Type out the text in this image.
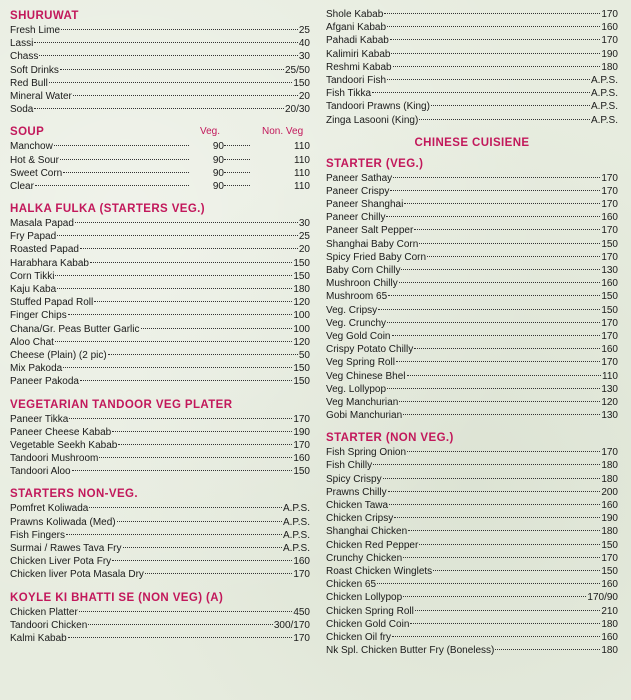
SHURUWAT
Fresh Lime	25
Lassi	40
Chass	30
Soft Drinks	25/50
Red Bull	150
Mineral Water	20
Soda	20/30
SOUP	Veg.	Non. Veg
Manchow	90	110
Hot & Sour	90	110
Sweet Corn	90	110
Clear	90	110
HALKA FULKA (STARTERS VEG.)
Masala Papad	30
Fry Papad	25
Roasted Papad	20
Harabhara Kabab	150
Corn Tikki	150
Kaju Kaba	180
Stuffed Papad Roll	120
Finger Chips	100
Chana/Gr. Peas Butter Garlic	100
Aloo Chat	120
Cheese (Plain) (2 pic)	50
Mix Pakoda	150
Paneer Pakoda	150
VEGETARIAN TANDOOR VEG PLATER
Paneer Tikka	170
Paneer Cheese Kabab	190
Vegetable Seekh Kabab	170
Tandoori Mushroom	160
Tandoori Aloo	150
STARTERS NON-VEG.
Pomfret Koliwada	A.P.S.
Prawns Koliwada (Med)	A.P.S.
Fish Fingers	A.P.S.
Surmai / Rawes Tava Fry	A.P.S.
Chicken Liver Pota Fry	160
Chicken liver Pota Masala Dry	170
KOYLE KI BHATTI SE (NON VEG) (A)
Chicken Platter	450
Tandoori Chicken	300/170
Kalmi Kabab	170
Shole Kabab	170
Afgani Kabab	160
Pahadi Kabab	170
Kalimiri Kabab	190
Reshmi Kabab	180
Tandoori Fish	A.P.S.
Fish Tikka	A.P.S.
Tandoori Prawns (King)	A.P.S.
Zinga Lasooni (King)	A.P.S.
CHINESE CUISIENE
STARTER (VEG.)
Paneer Sathay	170
Paneer Crispy	170
Paneer Shanghai	170
Paneer Chilly	160
Paneer Salt Pepper	170
Shanghai Baby Corn	150
Spicy Fried Baby Corn	170
Baby Corn Chilly	130
Mushroon Chilly	160
Mushroom 65	150
Veg. Cripsy	150
Veg. Crunchy	170
Veg Gold Coin	170
Crispy Potato Chilly	160
Veg Spring Roll	170
Veg Chinese Bhel	110
Veg. Lollypop	130
Veg Manchurian	120
Gobi Manchurian	130
STARTER (NON VEG.)
Fish Spring Onion	170
Fish Chilly	180
Spicy Crispy	180
Prawns Chilly	200
Chicken Tawa	160
Chicken Cripsy	190
Shanghai Chicken	180
Chicken Red Pepper	150
Crunchy Chicken	170
Roast Chicken Winglets	150
Chicken 65	160
Chicken Lollypop	170/90
Chicken Spring Roll	210
Chicken Gold Coin	180
Chicken Oil fry	160
Nk Spl. Chicken Butter Fry (Boneless)	180
